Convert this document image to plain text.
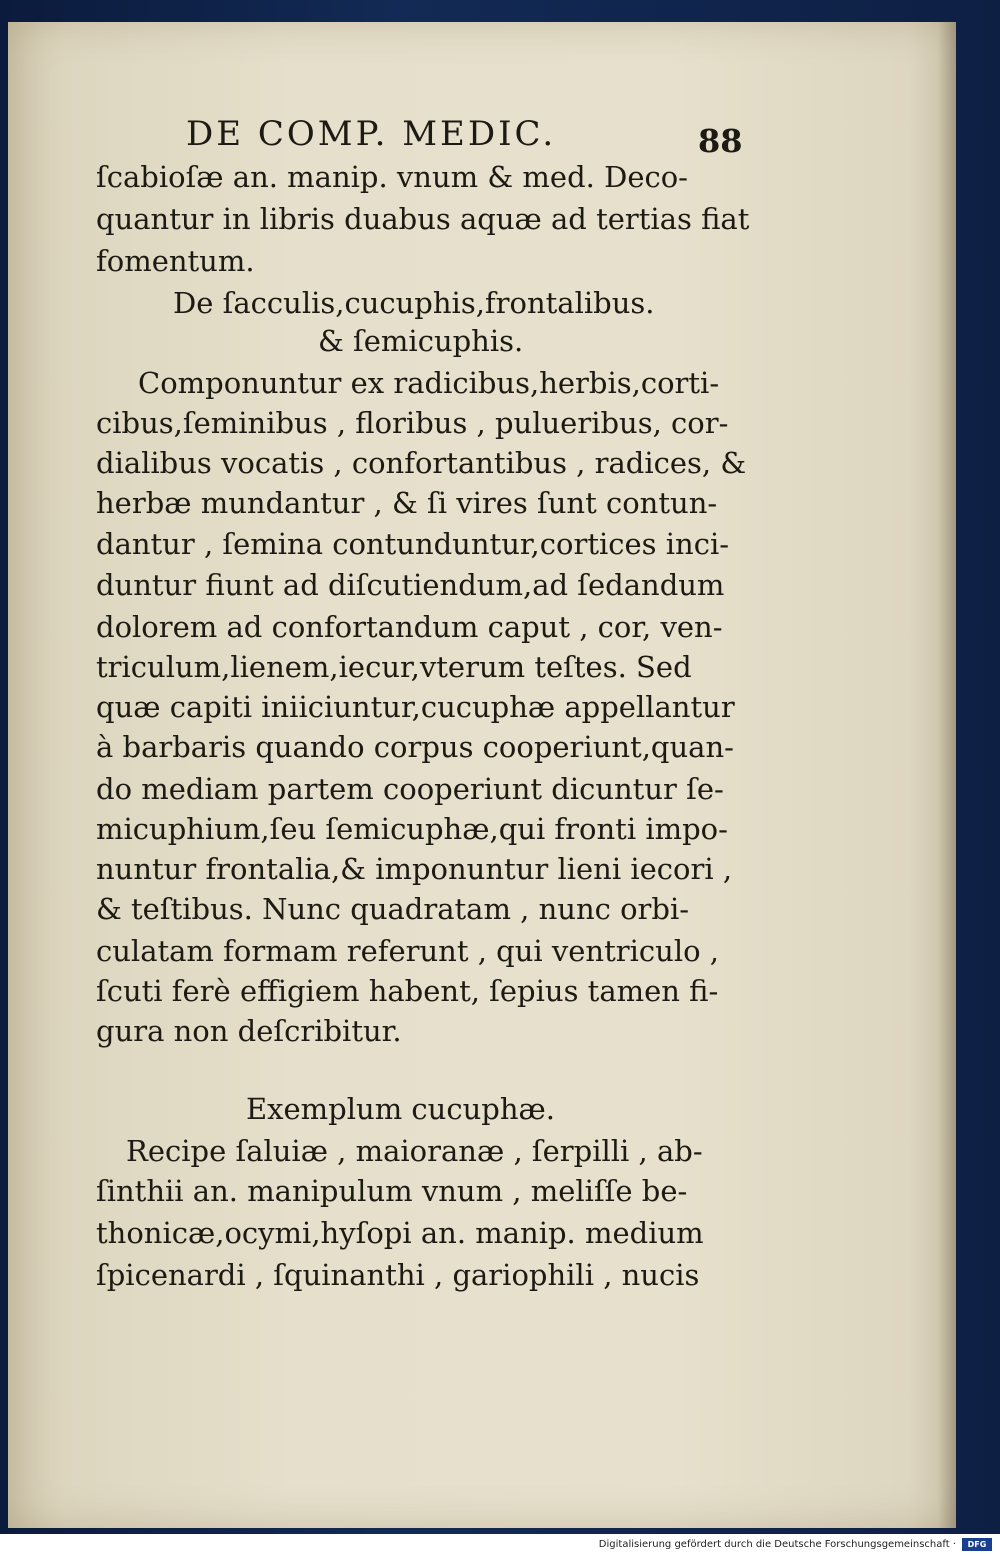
DE COMP. MEDIC.	88
ſcabioſæ an. manip. vnum & med. Deco-
quantur in libris duabus aquæ ad tertias fiat
fomentum.
De ſacculis,cucuphis,frontalibus.
& ſemicuphis.
Componuntur ex radicibus,herbis,corti-
cibus,ſeminibus , floribus , pulueribus, cor-
dialibus vocatis , confortantibus , radices, &
herbæ mundantur , & ſi vires ſunt contun-
dantur , ſemina contunduntur,cortices inci-
duntur fiunt ad diſcutiendum,ad ſedandum
dolorem ad confortandum caput , cor, ven-
triculum,lienem,iecur,vterum teſtes. Sed
quæ capiti iniiciuntur,cucuphæ appellantur
à barbaris quando corpus cooperiunt,quan-
do mediam partem cooperiunt dicuntur ſe-
micuphium,ſeu ſemicuphæ,qui fronti impo-
nuntur frontalia,& imponuntur lieni iecori ,
& teſtibus. Nunc quadratam , nunc orbi-
culatam formam referunt , qui ventriculo ,
ſcuti ferè effigiem habent, ſepius tamen fi-
gura non deſcribitur.
Exemplum cucuphæ.
Recipe ſaluiæ , maioranæ , ſerpilli , ab-
ſinthii an. manipulum vnum , meliſſe be-
thonicæ,ocymi,hyſopi an. manip. medium
ſpicenardi , ſquinanthi , gariophili , nucis
Digitalisierung gefördert durch die Deutsche Forschungsgemeinschaft ·	DFG
